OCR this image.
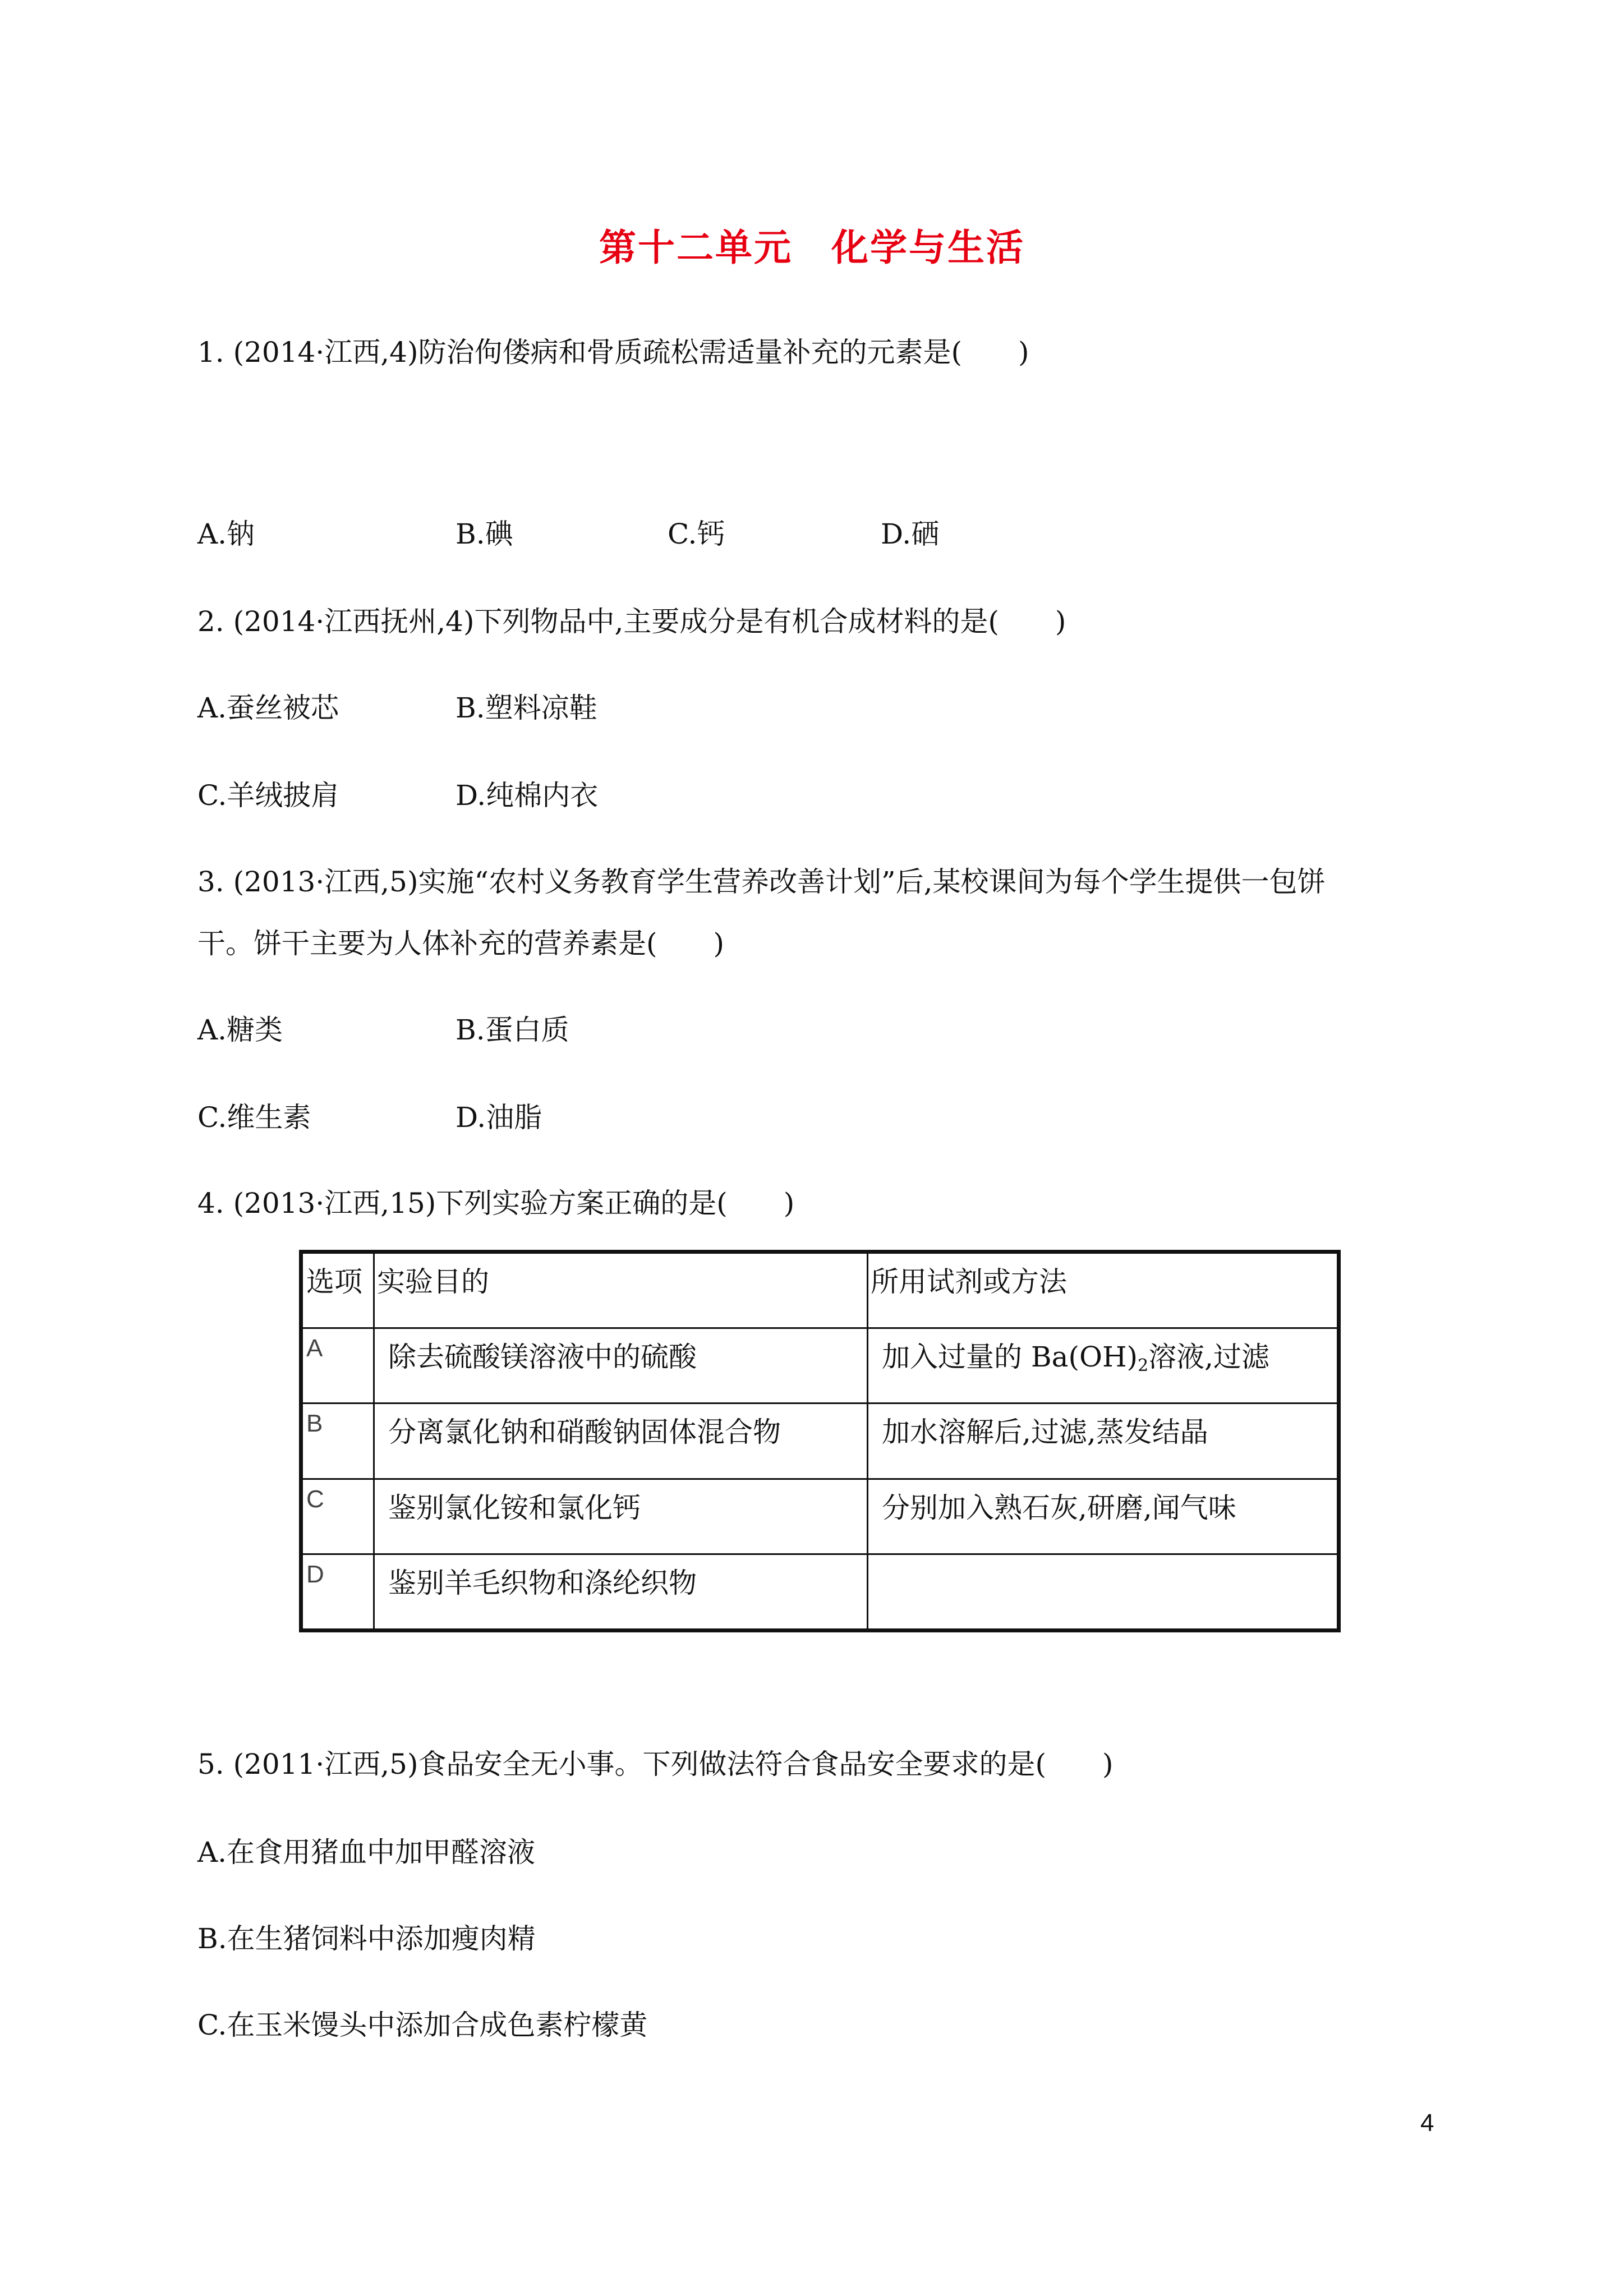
第十二单元　化学与生活
1. (2014·江西,4)防治佝偻病和骨质疏松需适量补充的元素是(　　)
A.钠	B.碘	C.钙	D.硒
2. (2014·江西抚州,4)下列物品中,主要成分是有机合成材料的是(　　)
A.蚕丝被芯	B.塑料凉鞋
C.羊绒披肩	D.纯棉内衣
3. (2013·江西,5)实施“农村义务教育学生营养改善计划”后,某校课间为每个学生提供一包饼
干。饼干主要为人体补充的营养素是(　　)
A.糖类	B.蛋白质
C.维生素	D.油脂
4. (2013·江西,15)下列实验方案正确的是(　　)
选项	实验目的	所用试剂或方法
A	除去硫酸镁溶液中的硫酸	加入过量的 $Ba(OH)_2$溶液,过滤
B	分离氯化钠和硝酸钠固体混合物	加水溶解后,过滤,蒸发结晶
C	鉴别氯化铵和氯化钙	分别加入熟石灰,研磨,闻气味
D	鉴别羊毛织物和涤纶织物	
5. (2011·江西,5)食品安全无小事。下列做法符合食品安全要求的是(　　)
A.在食用猪血中加甲醛溶液
B.在生猪饲料中添加瘦肉精
C.在玉米馒头中添加合成色素柠檬黄
4
